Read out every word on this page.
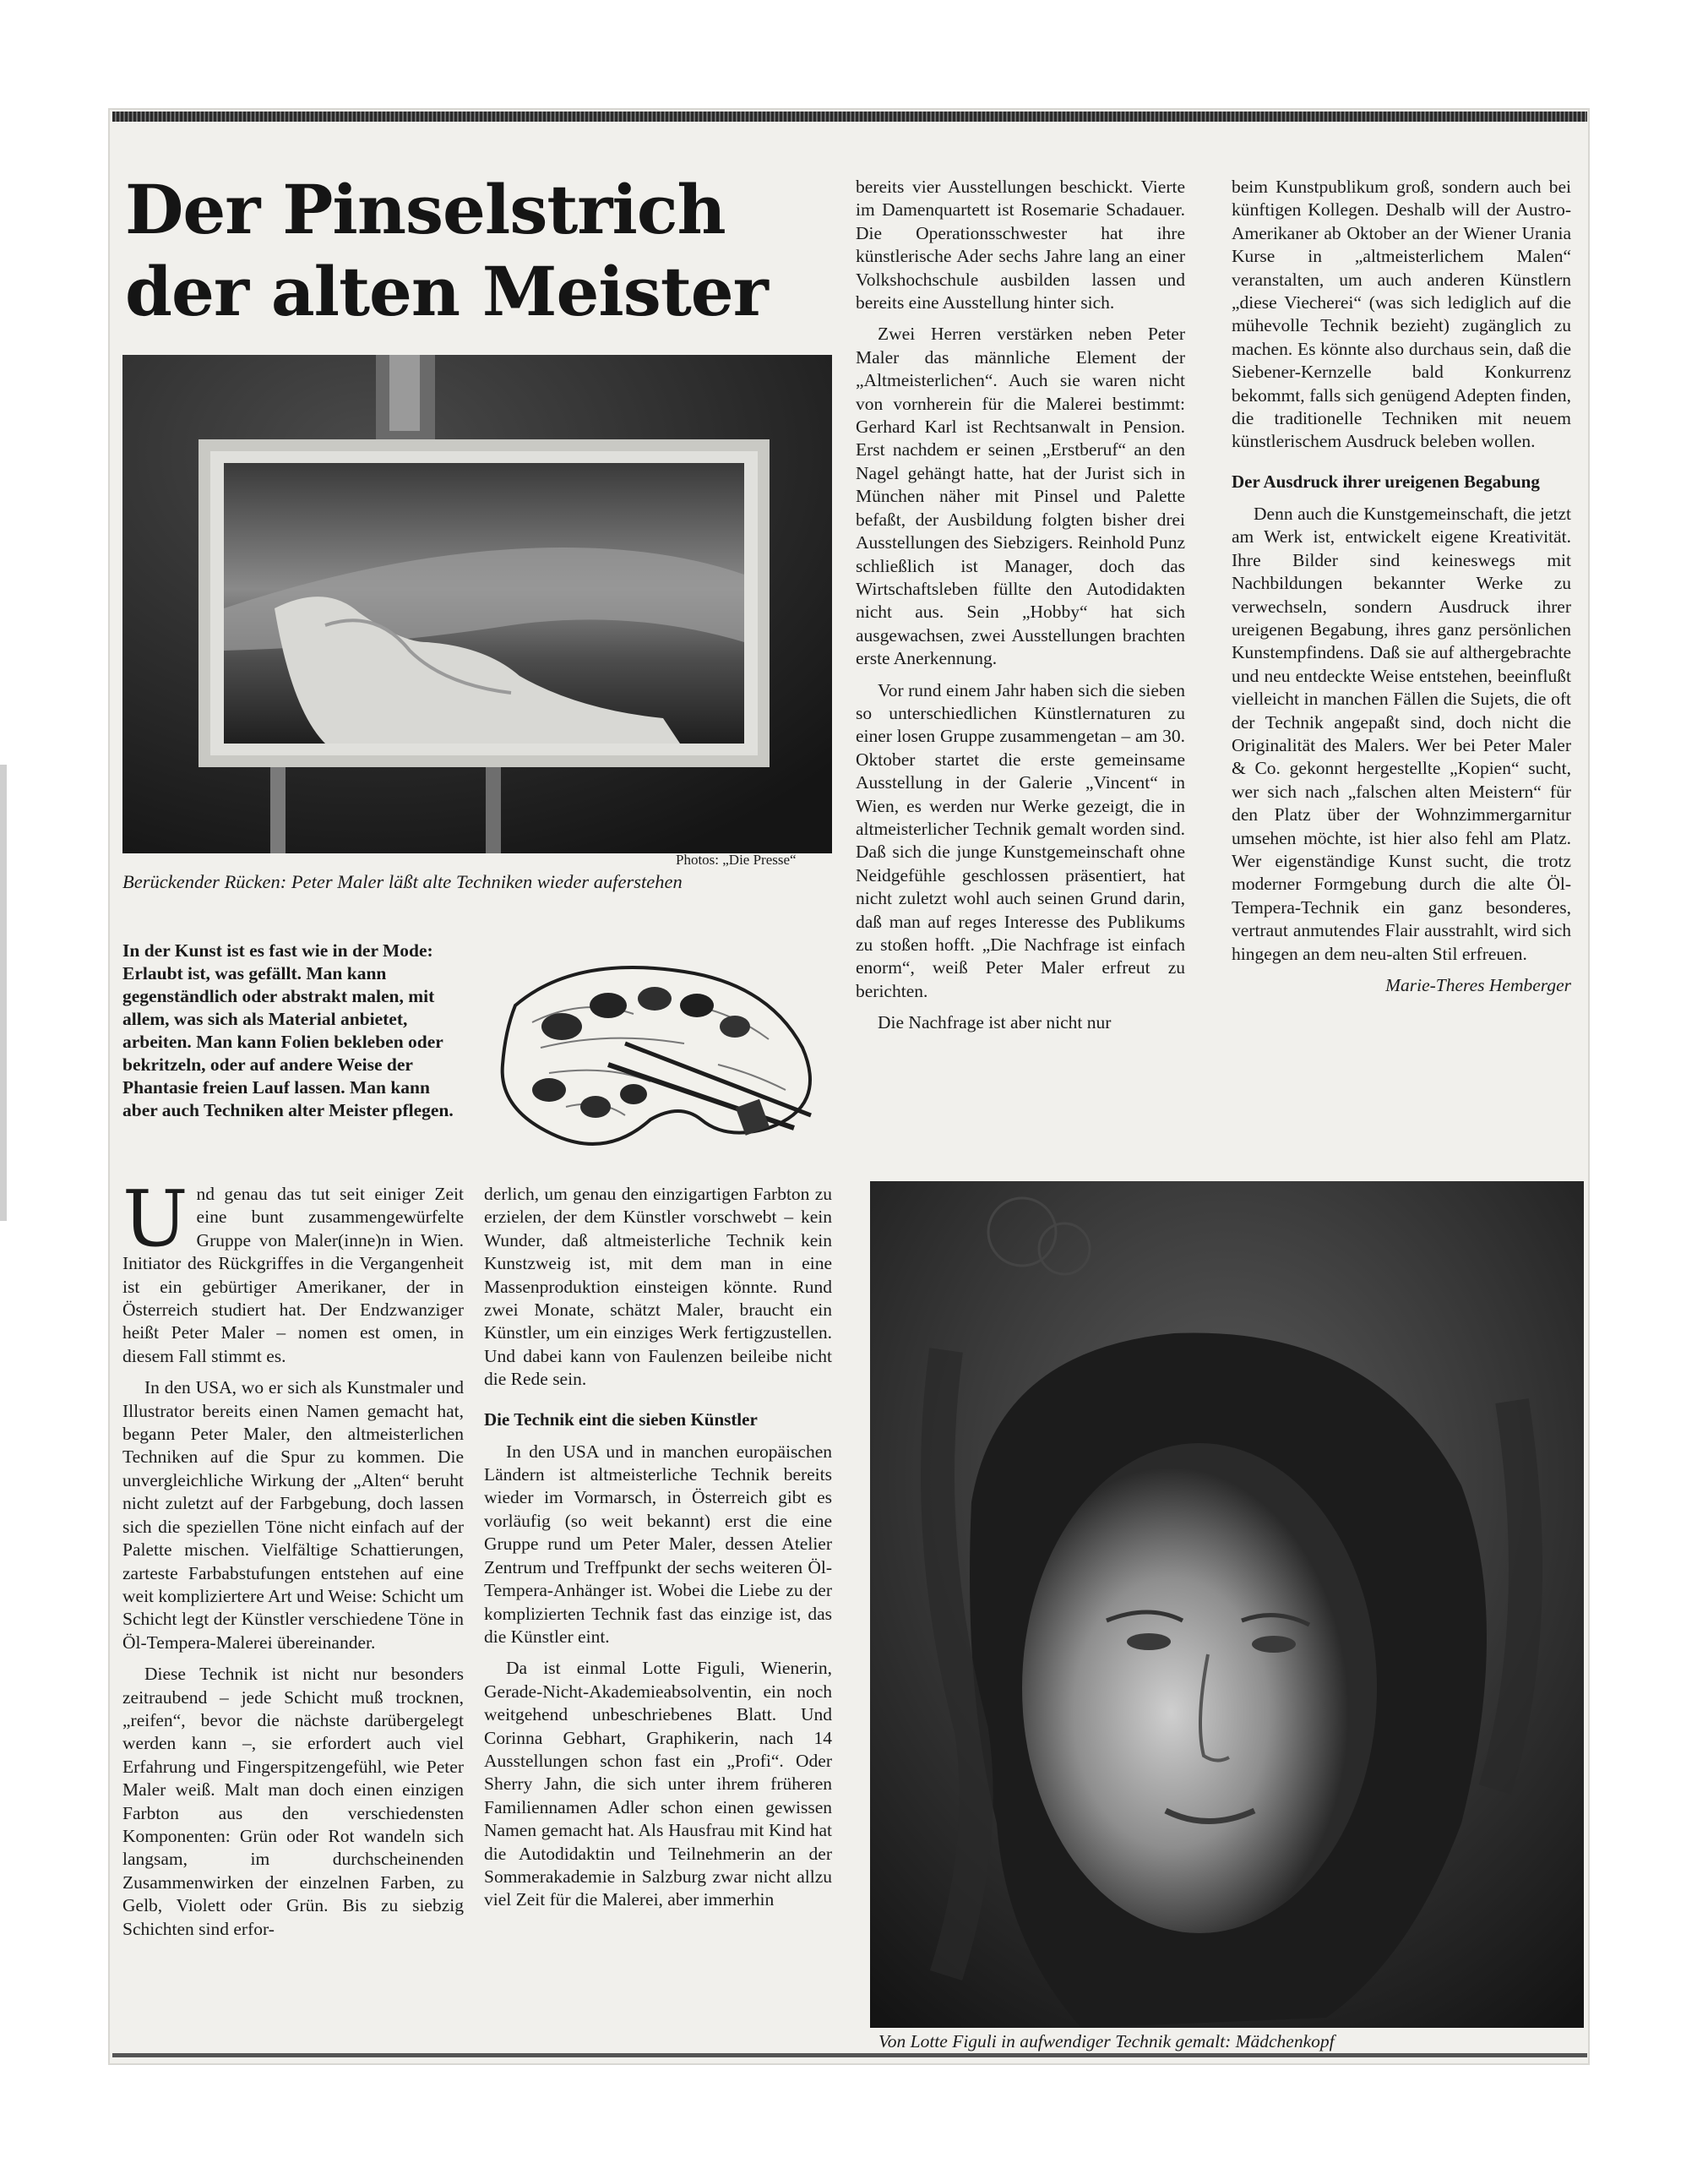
Der Pinselstrich der alten Meister
Photos: „Die Presse“
Berückender Rücken: Peter Maler läßt alte Techniken wieder auferstehen
In der Kunst ist es fast wie in der Mode: Erlaubt ist, was gefällt. Man kann gegenständlich oder abstrakt malen, mit allem, was sich als Material anbietet, arbeiten. Man kann Folien bekleben oder bekritzeln, oder auf andere Weise der Phantasie freien Lauf lassen. Man kann aber auch Techniken alter Meister pflegen.

Und genau das tut seit einiger Zeit eine bunt zusammengewürfelte Gruppe von Maler(inne)n in Wien. Initiator des Rückgriffes in die Vergangenheit ist ein gebürtiger Amerikaner, der in Österreich studiert hat. Der Endzwanziger heißt Peter Maler – nomen est omen, in diesem Fall stimmt es.

In den USA, wo er sich als Kunstmaler und Illustrator bereits einen Namen gemacht hat, begann Peter Maler, den altmeisterlichen Techniken auf die Spur zu kommen. Die unvergleichliche Wirkung der „Alten“ beruht nicht zuletzt auf der Farbgebung, doch lassen sich die speziellen Töne nicht einfach auf der Palette mischen. Vielfältige Schattierungen, zarteste Farbabstufungen entstehen auf eine weit kompliziertere Art und Weise: Schicht um Schicht legt der Künstler verschiedene Töne in Öl-Tempera-Malerei übereinander.

Diese Technik ist nicht nur besonders zeitraubend – jede Schicht muß trocknen, „reifen“, bevor die nächste darübergelegt werden kann –, sie erfordert auch viel Erfahrung und Fingerspitzengefühl, wie Peter Maler weiß. Malt man doch einen einzigen Farbton aus den verschiedensten Komponenten: Grün oder Rot wandeln sich langsam, im durchscheinenden Zusammenwirken der einzelnen Farben, zu Gelb, Violett oder Grün. Bis zu siebzig Schichten sind erfor-

derlich, um genau den einzigartigen Farbton zu erzielen, der dem Künstler vorschwebt – kein Wunder, daß altmeisterliche Technik kein Kunstzweig ist, mit dem man in eine Massenproduktion einsteigen könnte. Rund zwei Monate, schätzt Maler, braucht ein Künstler, um ein einziges Werk fertigzustellen. Und dabei kann von Faulenzen beileibe nicht die Rede sein.

Die Technik eint die sieben Künstler

In den USA und in manchen europäischen Ländern ist altmeisterliche Technik bereits wieder im Vormarsch, in Österreich gibt es vorläufig (so weit bekannt) erst die eine Gruppe rund um Peter Maler, dessen Atelier Zentrum und Treffpunkt der sechs weiteren Öl-Tempera-Anhänger ist. Wobei die Liebe zu der komplizierten Technik fast das einzige ist, das die Künstler eint.

Da ist einmal Lotte Figuli, Wienerin, Gerade-Nicht-Akademieabsolventin, ein noch weitgehend unbeschriebenes Blatt. Und Corinna Gebhart, Graphikerin, nach 14 Ausstellungen schon fast ein „Profi“. Oder Sherry Jahn, die sich unter ihrem früheren Familiennamen Adler schon einen gewissen Namen gemacht hat. Als Hausfrau mit Kind hat die Autodidaktin und Teilnehmerin an der Sommerakademie in Salzburg zwar nicht allzu viel Zeit für die Malerei, aber immerhin

bereits vier Ausstellungen beschickt. Vierte im Damenquartett ist Rosemarie Schadauer. Die Operationsschwester hat ihre künstlerische Ader sechs Jahre lang an einer Volkshochschule ausbilden lassen und bereits eine Ausstellung hinter sich.

Zwei Herren verstärken neben Peter Maler das männliche Element der „Altmeisterlichen“. Auch sie waren nicht von vornherein für die Malerei bestimmt: Gerhard Karl ist Rechtsanwalt in Pension. Erst nachdem er seinen „Erstberuf“ an den Nagel gehängt hatte, hat der Jurist sich in München näher mit Pinsel und Palette befaßt, der Ausbildung folgten bisher drei Ausstellungen des Siebzigers. Reinhold Punz schließlich ist Manager, doch das Wirtschaftsleben füllte den Autodidakten nicht aus. Sein „Hobby“ hat sich ausgewachsen, zwei Ausstellungen brachten erste Anerkennung.

Vor rund einem Jahr haben sich die sieben so unterschiedlichen Künstlernaturen zu einer losen Gruppe zusammengetan – am 30. Oktober startet die erste gemeinsame Ausstellung in der Galerie „Vincent“ in Wien, es werden nur Werke gezeigt, die in altmeisterlicher Technik gemalt worden sind. Daß sich die junge Kunstgemeinschaft ohne Neidgefühle geschlossen präsentiert, hat nicht zuletzt wohl auch seinen Grund darin, daß man auf reges Interesse des Publikums zu stoßen hofft. „Die Nachfrage ist einfach enorm“, weiß Peter Maler erfreut zu berichten.

Die Nachfrage ist aber nicht nur

beim Kunstpublikum groß, sondern auch bei künftigen Kollegen. Deshalb will der Austro-Amerikaner ab Oktober an der Wiener Urania Kurse in „altmeisterlichem Malen“ veranstalten, um auch anderen Künstlern „diese Viecherei“ (was sich lediglich auf die mühevolle Technik bezieht) zugänglich zu machen. Es könnte also durchaus sein, daß die Siebener-Kernzelle bald Konkurrenz bekommt, falls sich genügend Adepten finden, die traditionelle Techniken mit neuem künstlerischem Ausdruck beleben wollen.

Der Ausdruck ihrer ureigenen Begabung

Denn auch die Kunstgemeinschaft, die jetzt am Werk ist, entwickelt eigene Kreativität. Ihre Bilder sind keineswegs mit Nachbildungen bekannter Werke zu verwechseln, sondern Ausdruck ihrer ureigenen Begabung, ihres ganz persönlichen Kunstempfindens. Daß sie auf althergebrachte und neu entdeckte Weise entstehen, beeinflußt vielleicht in manchen Fällen die Sujets, die oft der Technik angepaßt sind, doch nicht die Originalität des Malers. Wer bei Peter Maler & Co. gekonnt hergestellte „Kopien“ sucht, wer sich nach „falschen alten Meistern“ für den Platz über der Wohnzimmergarnitur umsehen möchte, ist hier also fehl am Platz. Wer eigenständige Kunst sucht, die trotz moderner Formgebung durch die alte Öl-Tempera-Technik ein ganz besonderes, vertraut anmutendes Flair ausstrahlt, wird sich hingegen an dem neu-alten Stil erfreuen.

Marie-Theres Hemberger

Von Lotte Figuli in aufwendiger Technik gemalt: Mädchenkopf
